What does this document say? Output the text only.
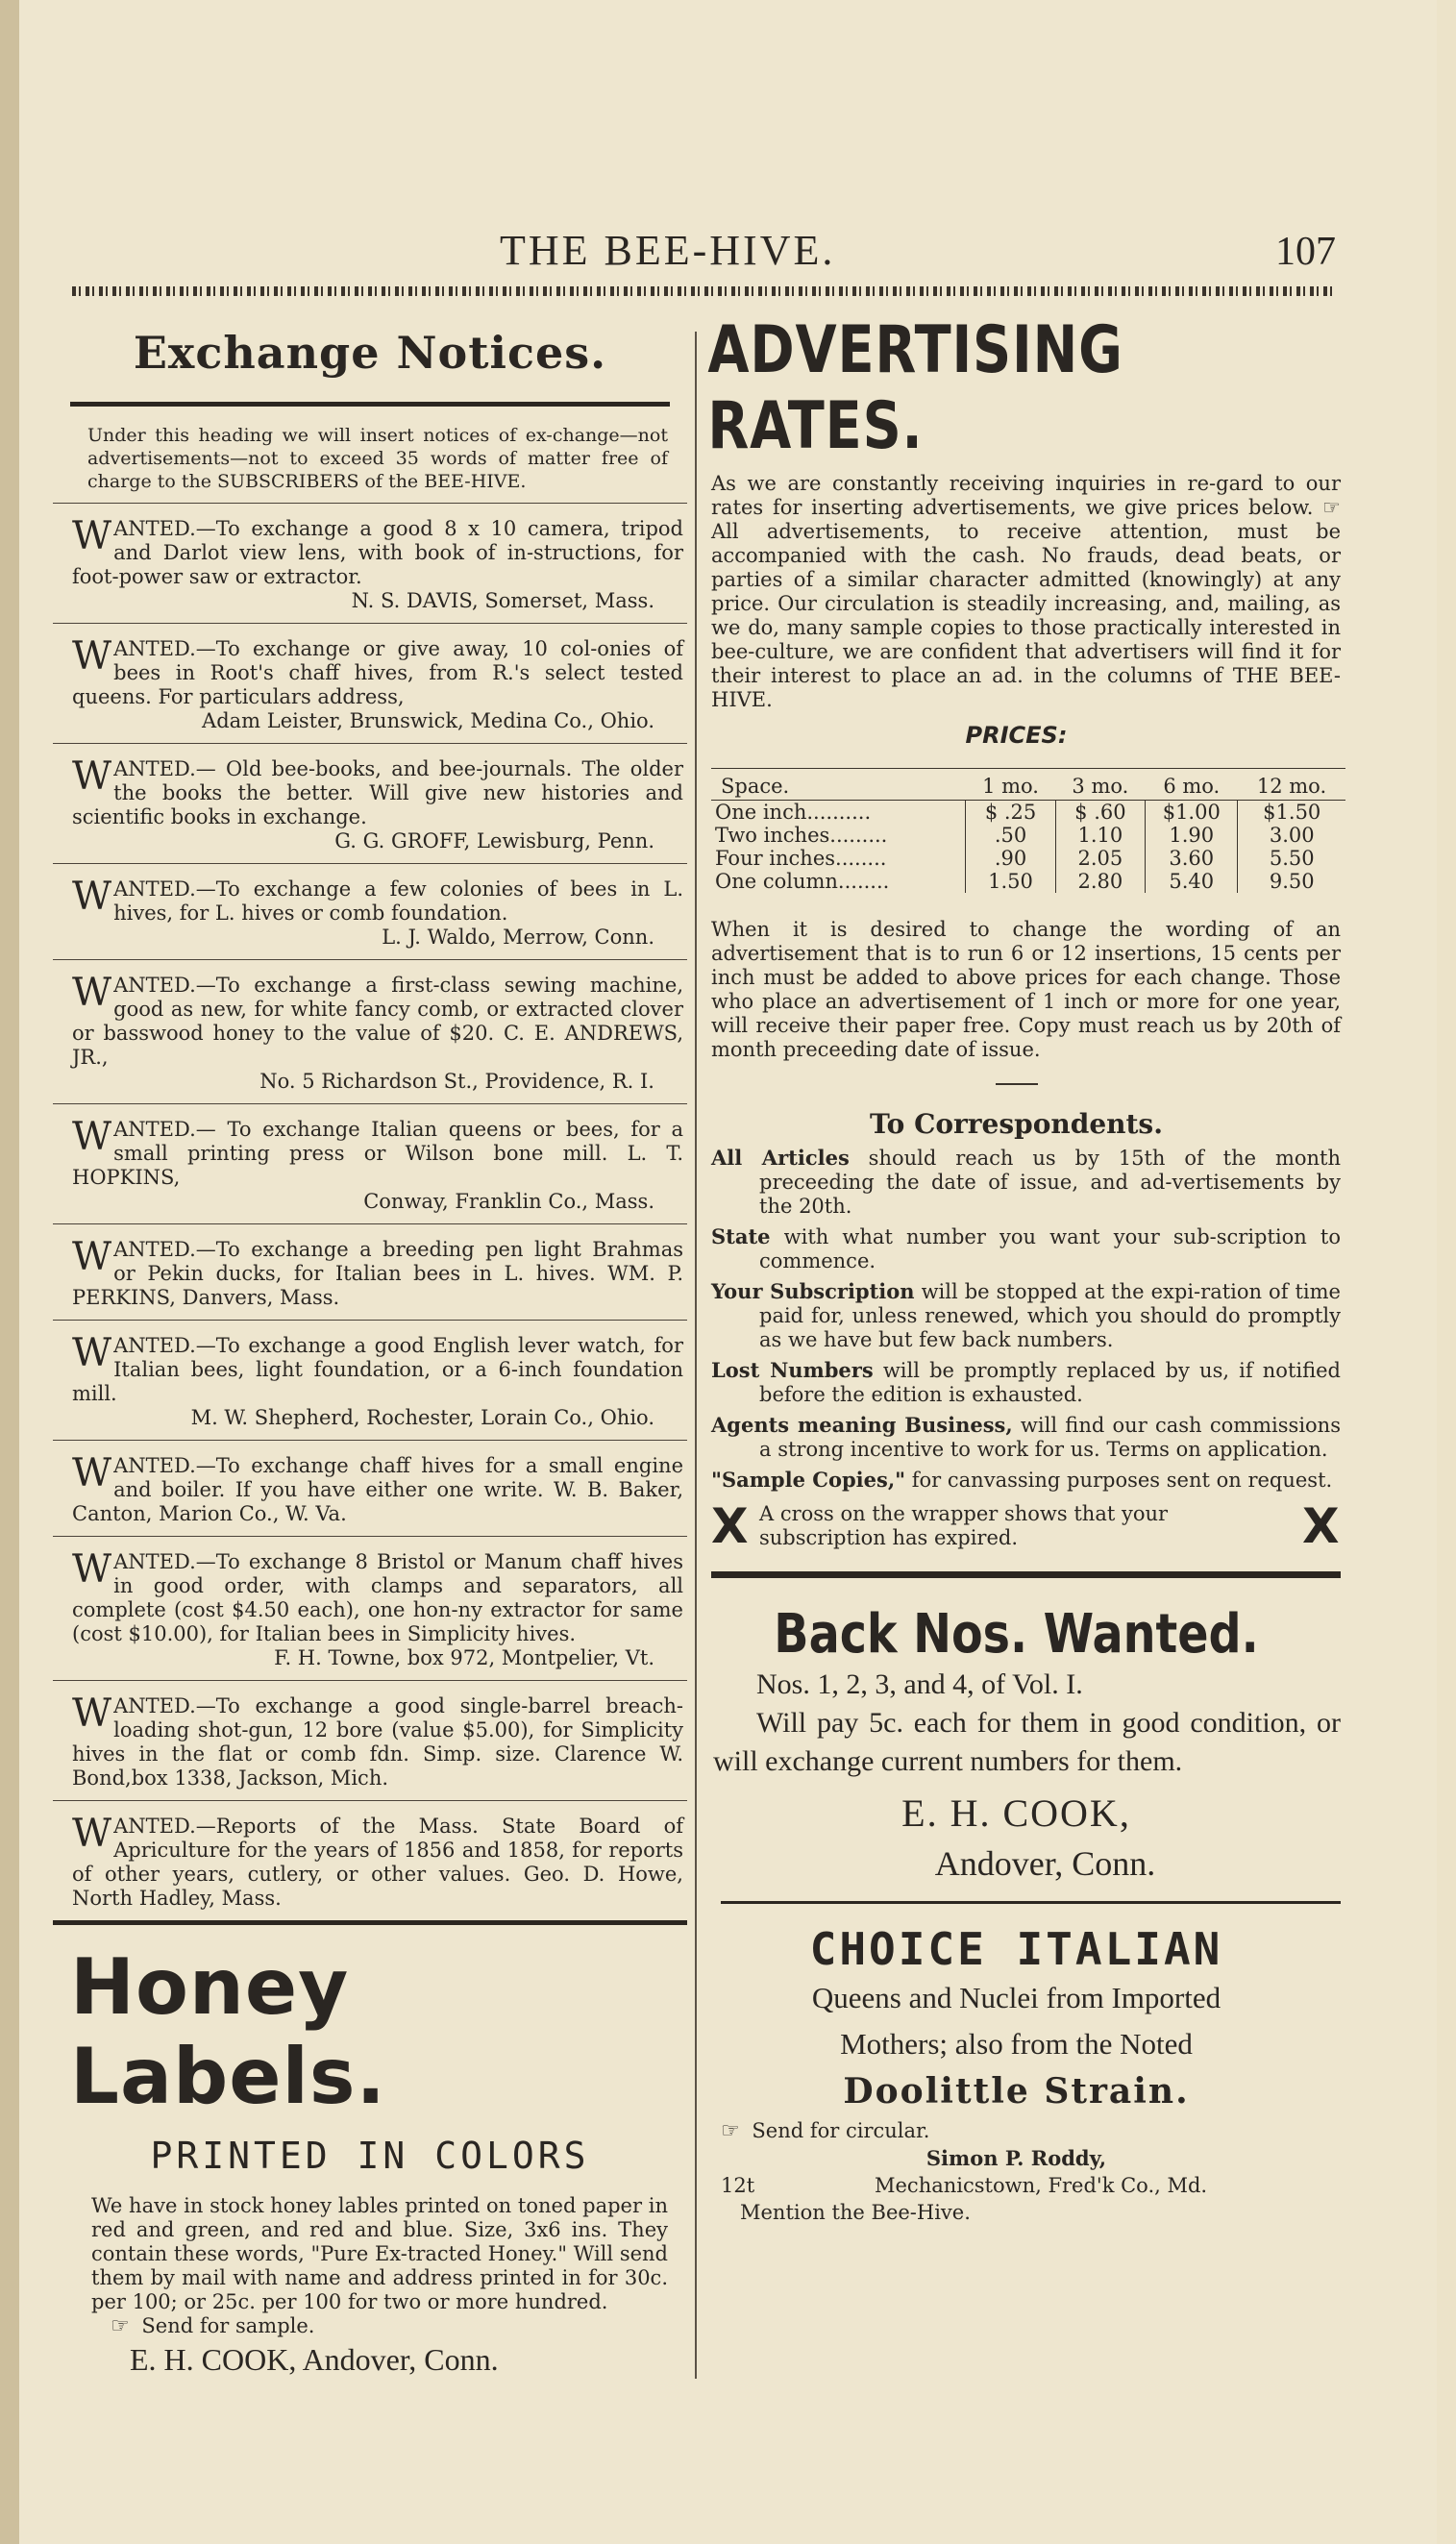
THE BEE-HIVE.	107
Exchange Notices.
Under this heading we will insert notices of ex-change—not advertisements—not to exceed 35 words of matter free of charge to the SUBSCRIBERS of the BEE-HIVE.
WANTED.—To exchange a good 8 x 10 camera, tripod and Darlot view lens, with book of in-structions, for foot-power saw or extractor.
N. S. DAVIS, Somerset, Mass.
WANTED.—To exchange or give away, 10 col-onies of bees in Root's chaff hives, from R.'s select tested queens. For particulars address,
Adam Leister, Brunswick, Medina Co., Ohio.
WANTED.— Old bee-books, and bee-journals. The older the books the better. Will give new histories and scientific books in exchange.
G. G. GROFF, Lewisburg, Penn.
WANTED.—To exchange a few colonies of bees in L. hives, for L. hives or comb foundation.
L. J. Waldo, Merrow, Conn.
WANTED.—To exchange a first-class sewing machine, good as new, for white fancy comb, or extracted clover or basswood honey to the value of $20. C. E. ANDREWS, JR.,
No. 5 Richardson St., Providence, R. I.
WANTED.— To exchange Italian queens or bees, for a small printing press or Wilson bone mill. L. T. HOPKINS,
Conway, Franklin Co., Mass.
WANTED.—To exchange a breeding pen light Brahmas or Pekin ducks, for Italian bees in L. hives. WM. P. PERKINS, Danvers, Mass.
WANTED.—To exchange a good English lever watch, for Italian bees, light foundation, or a 6-inch foundation mill.
M. W. Shepherd, Rochester, Lorain Co., Ohio.
WANTED.—To exchange chaff hives for a small engine and boiler. If you have either one write. W. B. Baker, Canton, Marion Co., W. Va.
WANTED.—To exchange 8 Bristol or Manum chaff hives in good order, with clamps and separators, all complete (cost $4.50 each), one hon-ny extractor for same (cost $10.00), for Italian bees in Simplicity hives.
F. H. Towne, box 972, Montpelier, Vt.
WANTED.—To exchange a good single-barrel breach-loading shot-gun, 12 bore (value $5.00), for Simplicity hives in the flat or comb fdn. Simp. size. Clarence W. Bond,box 1338, Jackson, Mich.
WANTED.—Reports of the Mass. State Board of Apriculture for the years of 1856 and 1858, for reports of other years, cutlery, or other values. Geo. D. Howe, North Hadley, Mass.
Honey Labels.
PRINTED IN COLORS
We have in stock honey lables printed on toned paper in red and green, and red and blue. Size, 3x6 ins. They contain these words, "Pure Ex-tracted Honey." Will send them by mail with name and address printed in for 30c. per 100; or 25c. per 100 for two or more hundred.
☞ Send for sample.
E. H. COOK, Andover, Conn.
ADVERTISING RATES.
As we are constantly receiving inquiries in re-gard to our rates for inserting advertisements, we give prices below. ☞ All advertisements, to receive attention, must be accompanied with the cash. No frauds, dead beats, or parties of a similar character admitted (knowingly) at any price. Our circulation is steadily increasing, and, mailing, as we do, many sample copies to those practically interested in bee-culture, we are confident that advertisers will find it for their interest to place an ad. in the columns of THE BEE-HIVE.
PRICES:
Space.	1 mo.	3 mo.	6 mo.	12 mo.
One inch..........	$ .25	$ .60	$1.00	$1.50
Two inches.........	.50	1.10	1.90	3.00
Four inches........	.90	2.05	3.60	5.50
One column........	1.50	2.80	5.40	9.50
When it is desired to change the wording of an advertisement that is to run 6 or 12 insertions, 15 cents per inch must be added to above prices for each change. Those who place an advertisement of 1 inch or more for one year, will receive their paper free. Copy must reach us by 20th of month preceeding date of issue.
To Correspondents.
All Articles should reach us by 15th of the month preceeding the date of issue, and ad-vertisements by the 20th.
State with what number you want your sub-scription to commence.
Your Subscription will be stopped at the expi-ration of time paid for, unless renewed, which you should do promptly as we have but few back numbers.
Lost Numbers will be promptly replaced by us, if notified before the edition is exhausted.
Agents meaning Business, will find our cash commissions a strong incentive to work for us. Terms on application.
"Sample Copies," for canvassing purposes sent on request.
X A cross on the wrapper shows that your subscription has expired.	X
Back Nos. Wanted.
Nos. 1, 2, 3, and 4, of Vol. I.
Will pay 5c. each for them in good condition, or will exchange current numbers for them.
E. H. COOK,
Andover, Conn.
CHOICE ITALIAN
Queens and Nuclei from Imported
Mothers; also from the Noted
Doolittle Strain.
☞ Send for circular.
Simon P. Roddy,
12t	Mechanicstown, Fred'k Co., Md.
Mention the Bee-Hive.
